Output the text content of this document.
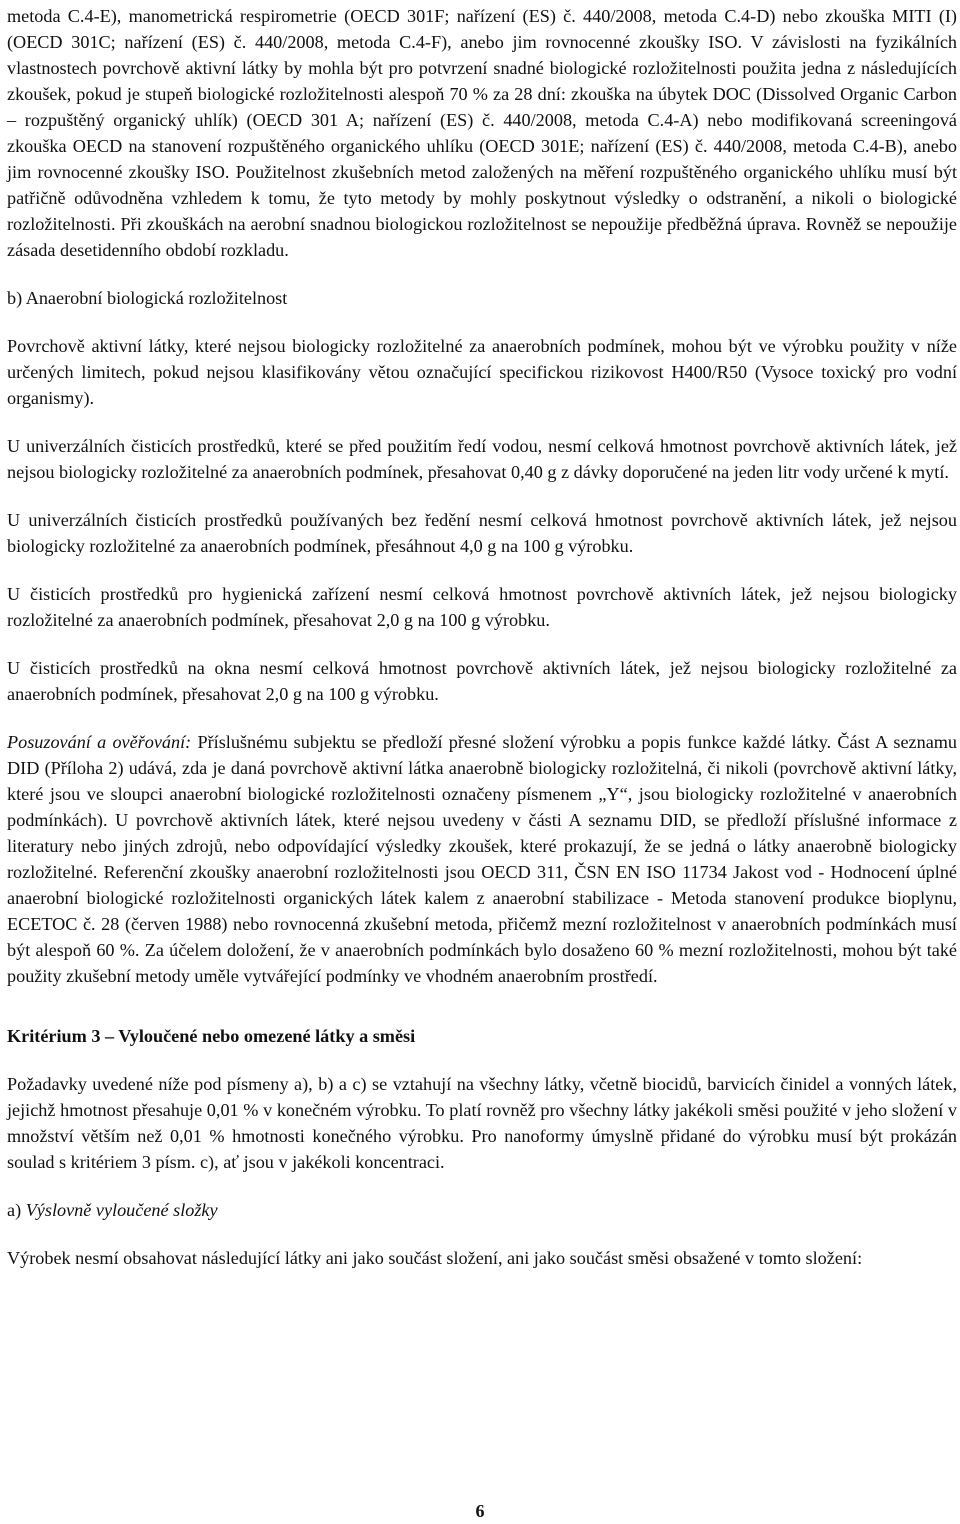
metoda C.4-E), manometrická respirometrie (OECD 301F; nařízení (ES) č. 440/2008, metoda C.4-D) nebo zkouška MITI (I) (OECD 301C; nařízení (ES) č. 440/2008, metoda C.4-F), anebo jim rovnocenné zkoušky ISO. V závislosti na fyzikálních vlastnostech povrchově aktivní látky by mohla být pro potvrzení snadné biologické rozložitelnosti použita jedna z následujících zkoušek, pokud je stupeň biologické rozložitelnosti alespoň 70 % za 28 dní: zkouška na úbytek DOC (Dissolved Organic Carbon – rozpuštěný organický uhlík) (OECD 301 A; nařízení (ES) č. 440/2008, metoda C.4-A) nebo modifikovaná screeningová zkouška OECD na stanovení rozpuštěného organického uhlíku (OECD 301E; nařízení (ES) č. 440/2008, metoda C.4-B), anebo jim rovnocenné zkoušky ISO. Použitelnost zkušebních metod založených na měření rozpuštěného organického uhlíku musí být patřičně odůvodněna vzhledem k tomu, že tyto metody by mohly poskytnout výsledky o odstranění, a nikoli o biologické rozložitelnosti. Při zkouškách na aerobní snadnou biologickou rozložitelnost se nepoužije předběžná úprava. Rovněž se nepoužije zásada desetidenního období rozkladu.

b) Anaerobní biologická rozložitelnost

Povrchově aktivní látky, které nejsou biologicky rozložitelné za anaerobních podmínek, mohou být ve výrobku použity v níže určených limitech, pokud nejsou klasifikovány větou označující specifickou rizikovost H400/R50 (Vysoce toxický pro vodní organismy).

U univerzálních čisticích prostředků, které se před použitím ředí vodou, nesmí celková hmotnost povrchově aktivních látek, jež nejsou biologicky rozložitelné za anaerobních podmínek, přesahovat 0,40 g z dávky doporučené na jeden litr vody určené k mytí.

U univerzálních čisticích prostředků používaných bez ředění nesmí celková hmotnost povrchově aktivních látek, jež nejsou biologicky rozložitelné za anaerobních podmínek, přesáhnout 4,0 g na 100 g výrobku.

U čisticích prostředků pro hygienická zařízení nesmí celková hmotnost povrchově aktivních látek, jež nejsou biologicky rozložitelné za anaerobních podmínek, přesahovat 2,0 g na 100 g výrobku.

U čisticích prostředků na okna nesmí celková hmotnost povrchově aktivních látek, jež nejsou biologicky rozložitelné za anaerobních podmínek, přesahovat 2,0 g na 100 g výrobku.

Posuzování a ověřování: Příslušnému subjektu se předloží přesné složení výrobku a popis funkce každé látky. Část A seznamu DID (Příloha 2) udává, zda je daná povrchově aktivní látka anaerobně biologicky rozložitelná, či nikoli (povrchově aktivní látky, které jsou ve sloupci anaerobní biologické rozložitelnosti označeny písmenem „Y“, jsou biologicky rozložitelné v anaerobních podmínkách). U povrchově aktivních látek, které nejsou uvedeny v části A seznamu DID, se předloží příslušné informace z literatury nebo jiných zdrojů, nebo odpovídající výsledky zkoušek, které prokazují, že se jedná o látky anaerobně biologicky rozložitelné. Referenční zkoušky anaerobní rozložitelnosti jsou OECD 311, ČSN EN ISO 11734 Jakost vod - Hodnocení úplné anaerobní biologické rozložitelnosti organických látek kalem z anaerobní stabilizace - Metoda stanovení produkce bioplynu, ECETOC č. 28 (červen 1988) nebo rovnocenná zkušební metoda, přičemž mezní rozložitelnost v anaerobních podmínkách musí být alespoň 60 %. Za účelem doložení, že v anaerobních podmínkách bylo dosaženo 60 % mezní rozložitelnosti, mohou být také použity zkušební metody uměle vytvářející podmínky ve vhodném anaerobním prostředí.

Kritérium 3 – Vyloučené nebo omezené látky a směsi

Požadavky uvedené níže pod písmeny a), b) a c) se vztahují na všechny látky, včetně biocidů, barvicích činidel a vonných látek, jejichž hmotnost přesahuje 0,01 % v konečném výrobku. To platí rovněž pro všechny látky jakékoli směsi použité v jeho složení v množství větším než 0,01 % hmotnosti konečného výrobku. Pro nanoformy úmyslně přidané do výrobku musí být prokázán soulad s kritériem 3 písm. c), ať jsou v jakékoli koncentraci.

a) Výslovně vyloučené složky

Výrobek nesmí obsahovat následující látky ani jako součást složení, ani jako součást směsi obsažené v tomto složení:

6
